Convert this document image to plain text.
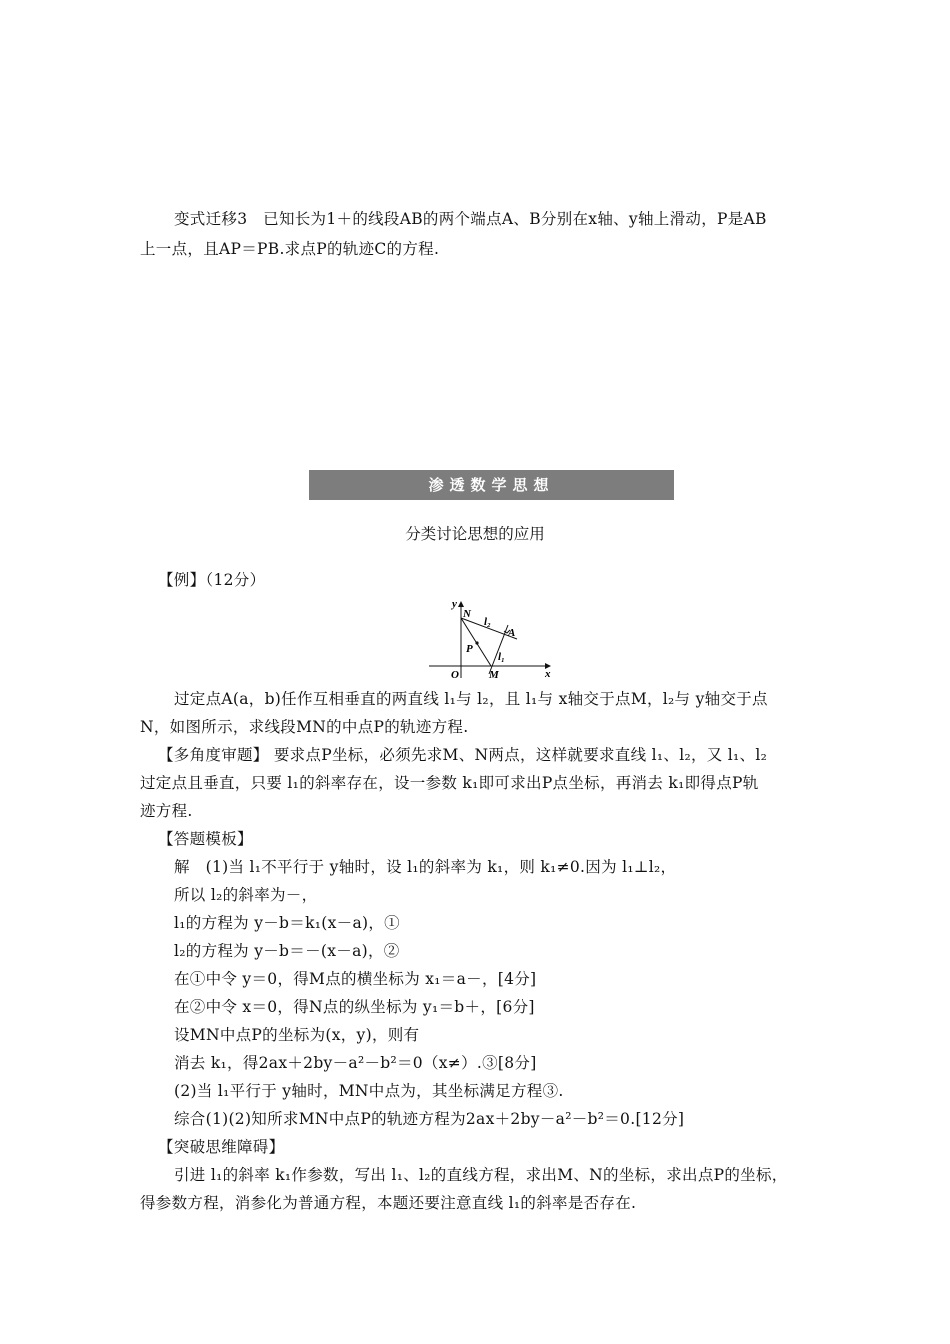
变式迁移3　已知长为1＋的线段AB的两个端点A、B分别在x轴、y轴上滑动，P是AB
上一点，且AP＝PB.求点P的轨迹C的方程.
渗透数学思想
分类讨论思想的应用
【例】（12分）
y
N
l₂
A
P
l₁
O	M	x
过定点A(a，b)任作互相垂直的两直线 l₁与 l₂，且 l₁与 x轴交于点M，l₂与 y轴交于点
N，如图所示，求线段MN的中点P的轨迹方程.
【多角度审题】 要求点P坐标，必须先求M、N两点，这样就要求直线 l₁、l₂，又 l₁、l₂
过定点且垂直，只要 l₁的斜率存在，设一参数 k₁即可求出P点坐标，再消去 k₁即得点P轨
迹方程.
【答题模板】
解　(1)当 l₁不平行于 y轴时，设 l₁的斜率为 k₁，则 k₁≠0.因为 l₁⊥l₂，
所以 l₂的斜率为－，
l₁的方程为 y－b＝k₁(x－a)，①
l₂的方程为 y－b＝－(x－a)，②
在①中令 y＝0，得M点的横坐标为 x₁＝a－，[4分]
在②中令 x＝0，得N点的纵坐标为 y₁＝b＋，[6分]
设MN中点P的坐标为(x，y)，则有
消去 k₁，得2ax＋2by－a²－b²＝0（x≠）.③[8分]
(2)当 l₁平行于 y轴时，MN中点为，其坐标满足方程③.
综合(1)(2)知所求MN中点P的轨迹方程为2ax＋2by－a²－b²＝0.[12分]
【突破思维障碍】
引进 l₁的斜率 k₁作参数，写出 l₁、l₂的直线方程，求出M、N的坐标，求出点P的坐标，
得参数方程，消参化为普通方程，本题还要注意直线 l₁的斜率是否存在.
